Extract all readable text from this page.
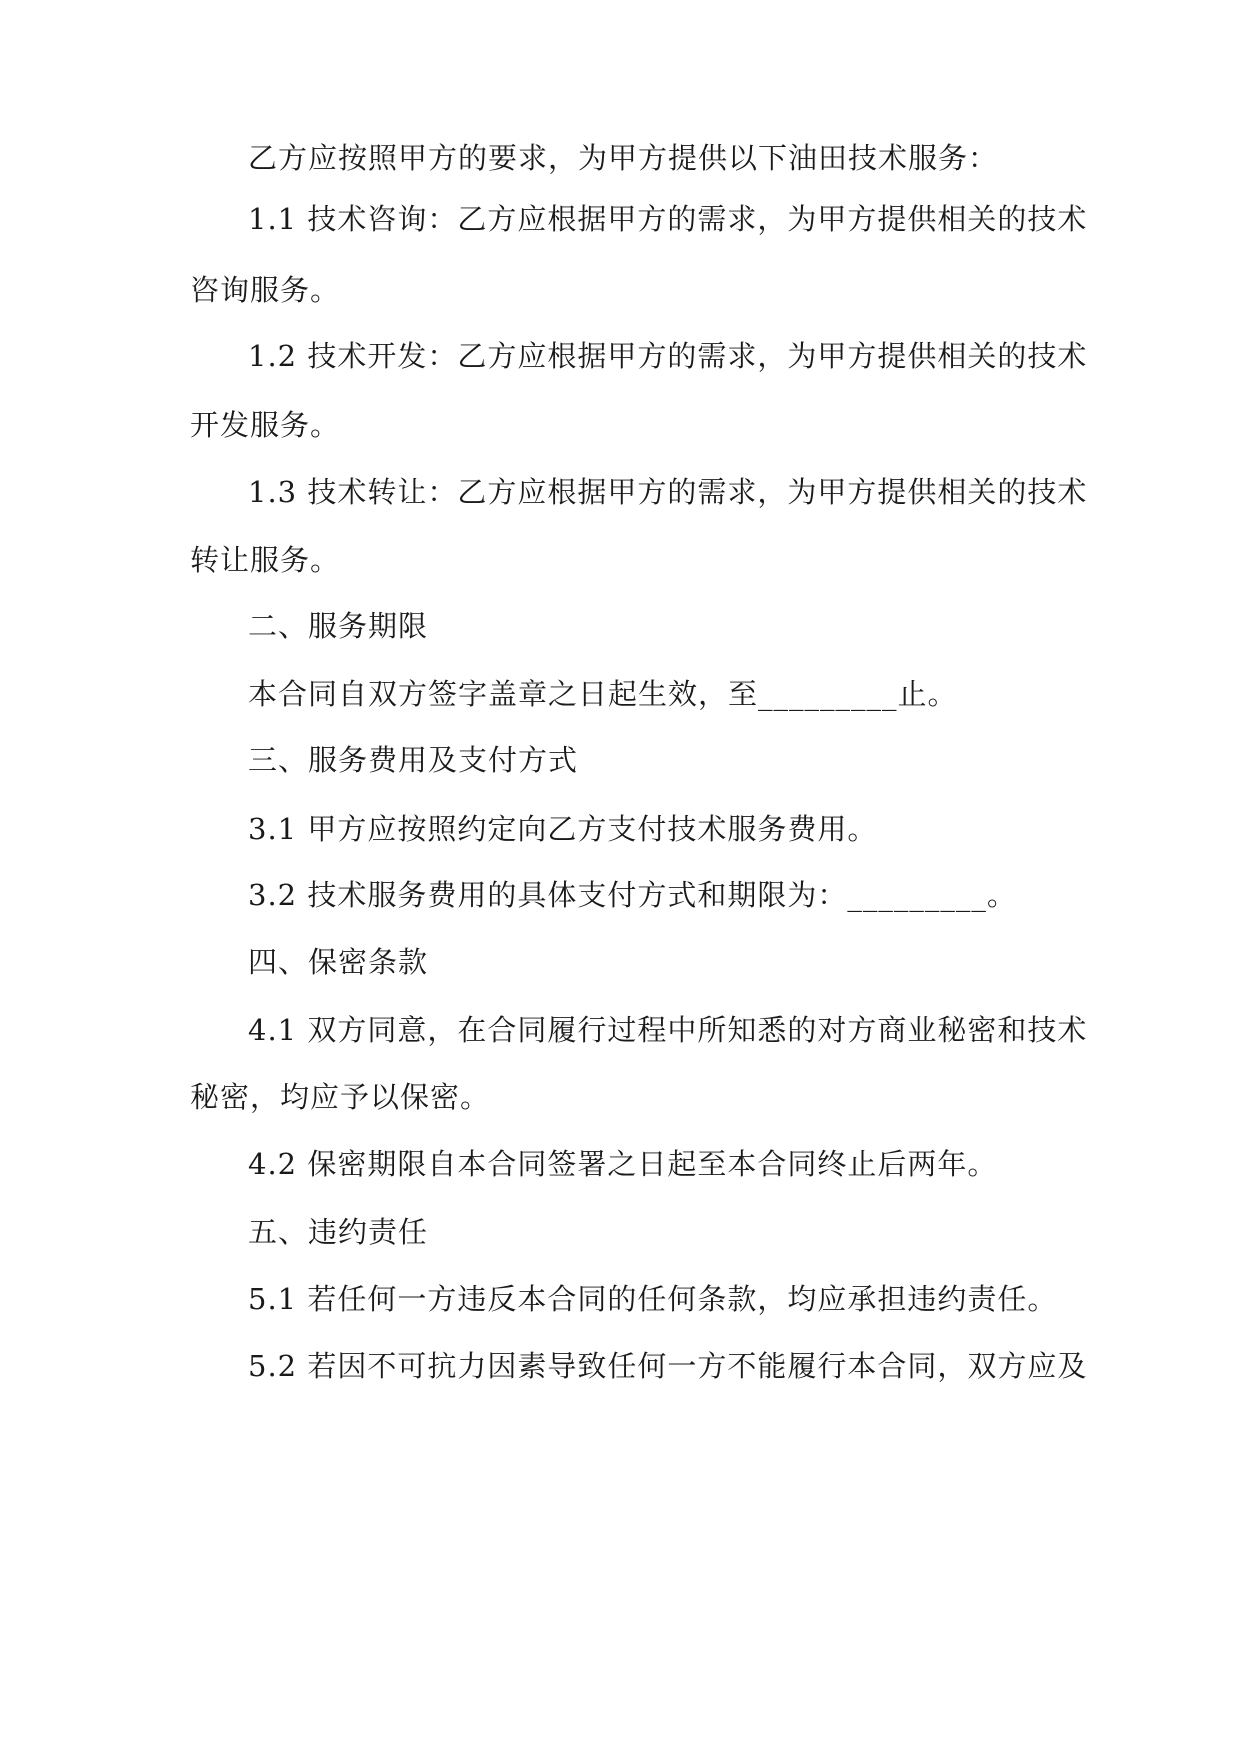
乙方应按照甲方的要求，为甲方提供以下油田技术服务：
1.1 技术咨询：乙方应根据甲方的需求，为甲方提供相关的技术
咨询服务。
1.2 技术开发：乙方应根据甲方的需求，为甲方提供相关的技术
开发服务。
1.3 技术转让：乙方应根据甲方的需求，为甲方提供相关的技术
转让服务。
二、服务期限
本合同自双方签字盖章之日起生效，至_________止。
三、服务费用及支付方式
3.1 甲方应按照约定向乙方支付技术服务费用。
3.2 技术服务费用的具体支付方式和期限为：_________。
四、保密条款
4.1 双方同意，在合同履行过程中所知悉的对方商业秘密和技术
秘密，均应予以保密。
4.2 保密期限自本合同签署之日起至本合同终止后两年。
五、违约责任
5.1 若任何一方违反本合同的任何条款，均应承担违约责任。
5.2 若因不可抗力因素导致任何一方不能履行本合同，双方应及
